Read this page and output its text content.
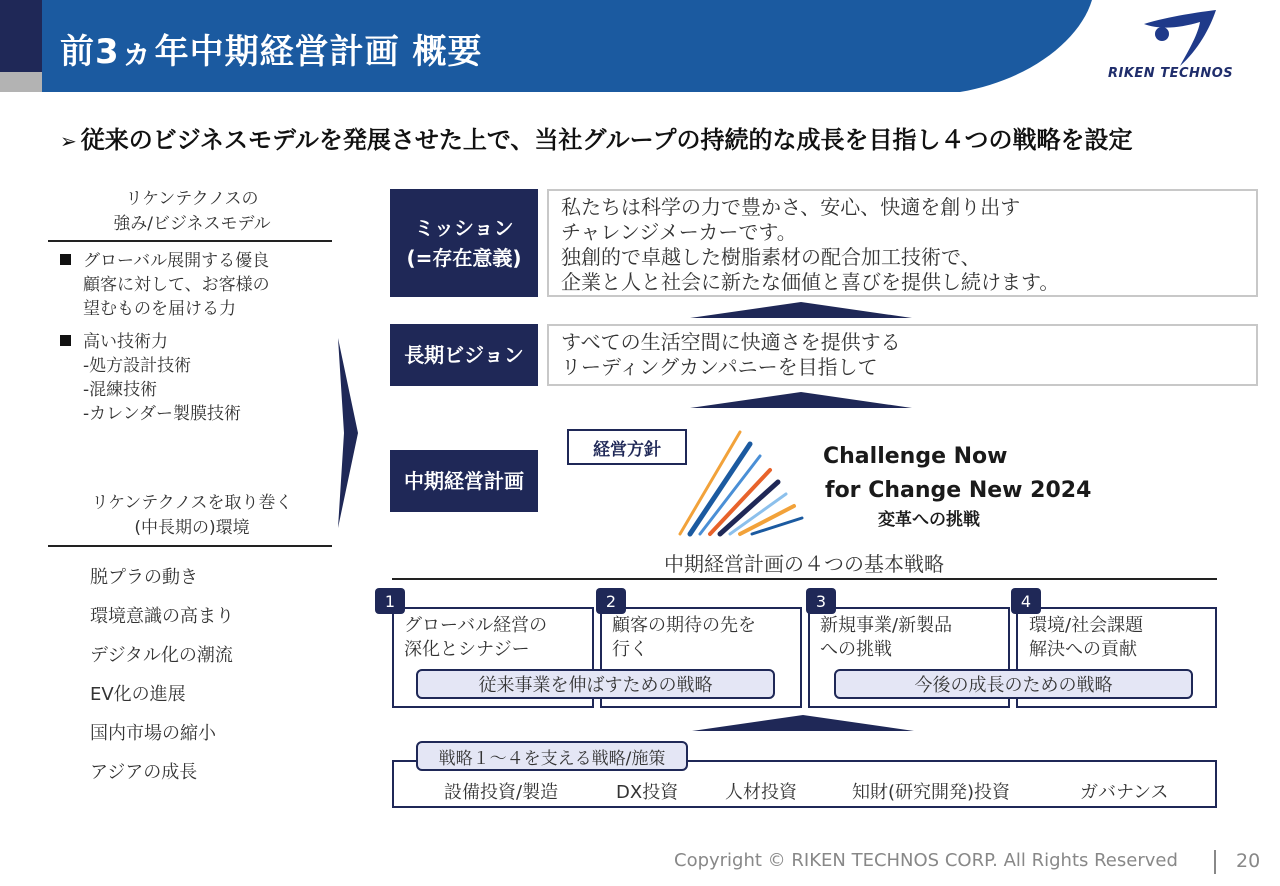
前3ヵ年中期経営計画 概要
RIKEN TECHNOS
➢ 従来のビジネスモデルを発展させた上で、当社グループの持続的な成長を目指し４つの戦略を設定
リケンテクノスの
強み/ビジネスモデル
グローバル展開する優良
顧客に対して、お客様の
望むものを届ける力
高い技術力
-処方設計技術
-混練技術
-カレンダー製膜技術
リケンテクノスを取り巻く
(中長期の)環境
脱プラの動き
環境意識の高まり
デジタル化の潮流
EV化の進展
国内市場の縮小
アジアの成長
ミッション
(=存在意義)
私たちは科学の力で豊かさ、安心、快適を創り出す
チャレンジメーカーです。
独創的で卓越した樹脂素材の配合加工技術で、
企業と人と社会に新たな価値と喜びを提供し続けます。
長期ビジョン
すべての生活空間に快適さを提供する
リーディングカンパニーを目指して
中期経営計画
経営方針	Challenge Now
for Change New 2024
変革への挑戦
中期経営計画の４つの基本戦略
1	2	3	4
グローバル経営の
深化とシナジー
顧客の期待の先を
行く
新規事業/新製品
への挑戦
環境/社会課題
解決への貢献
従来事業を伸ばすための戦略	今後の成長のための戦略
戦略１～４を支える戦略/施策
設備投資/製造	DX投資	人材投資	知財(研究開発)投資	ガバナンス
Copyright © RIKEN TECHNOS CORP. All Rights Reserved	20
